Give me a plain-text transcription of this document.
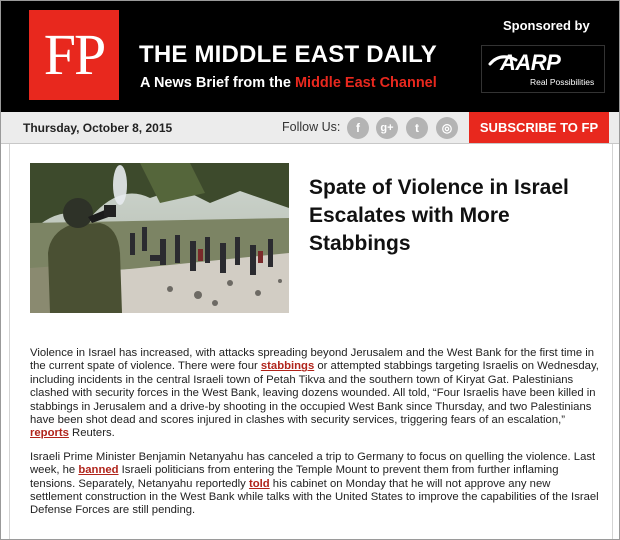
FP	THE MIDDLE EAST DAILY
A News Brief from the Middle East Channel
Sponsored by
AARP
Real Possibilities
Thursday, October 8, 2015	Follow Us:	f	g+	t	◎	SUBSCRIBE TO FP
Spate of Violence in Israel Escalates with More Stabbings

Violence in Israel has increased, with attacks spreading beyond Jerusalem and the West Bank for the first time in the current spate of violence. There were four stabbings or attempted stabbings targeting Israelis on Wednesday, including incidents in the central Israeli town of Petah Tikva and the southern town of Kiryat Gat. Palestinians clashed with security forces in the West Bank, leaving dozens wounded. All told, “Four Israelis have been killed in stabbings in Jerusalem and a drive-by shooting in the occupied West Bank since Thursday, and two Palestinians have been shot dead and scores injured in clashes with security services, triggering fears of an escalation,” reports Reuters.

Israeli Prime Minister Benjamin Netanyahu has canceled a trip to Germany to focus on quelling the violence. Last week, he banned Israeli politicians from entering the Temple Mount to prevent them from further inflaming tensions. Separately, Netanyahu reportedly told his cabinet on Monday that he will not approve any new settlement construction in the West Bank while talks with the United States to improve the capabilities of the Israel Defense Forces are still pending.
